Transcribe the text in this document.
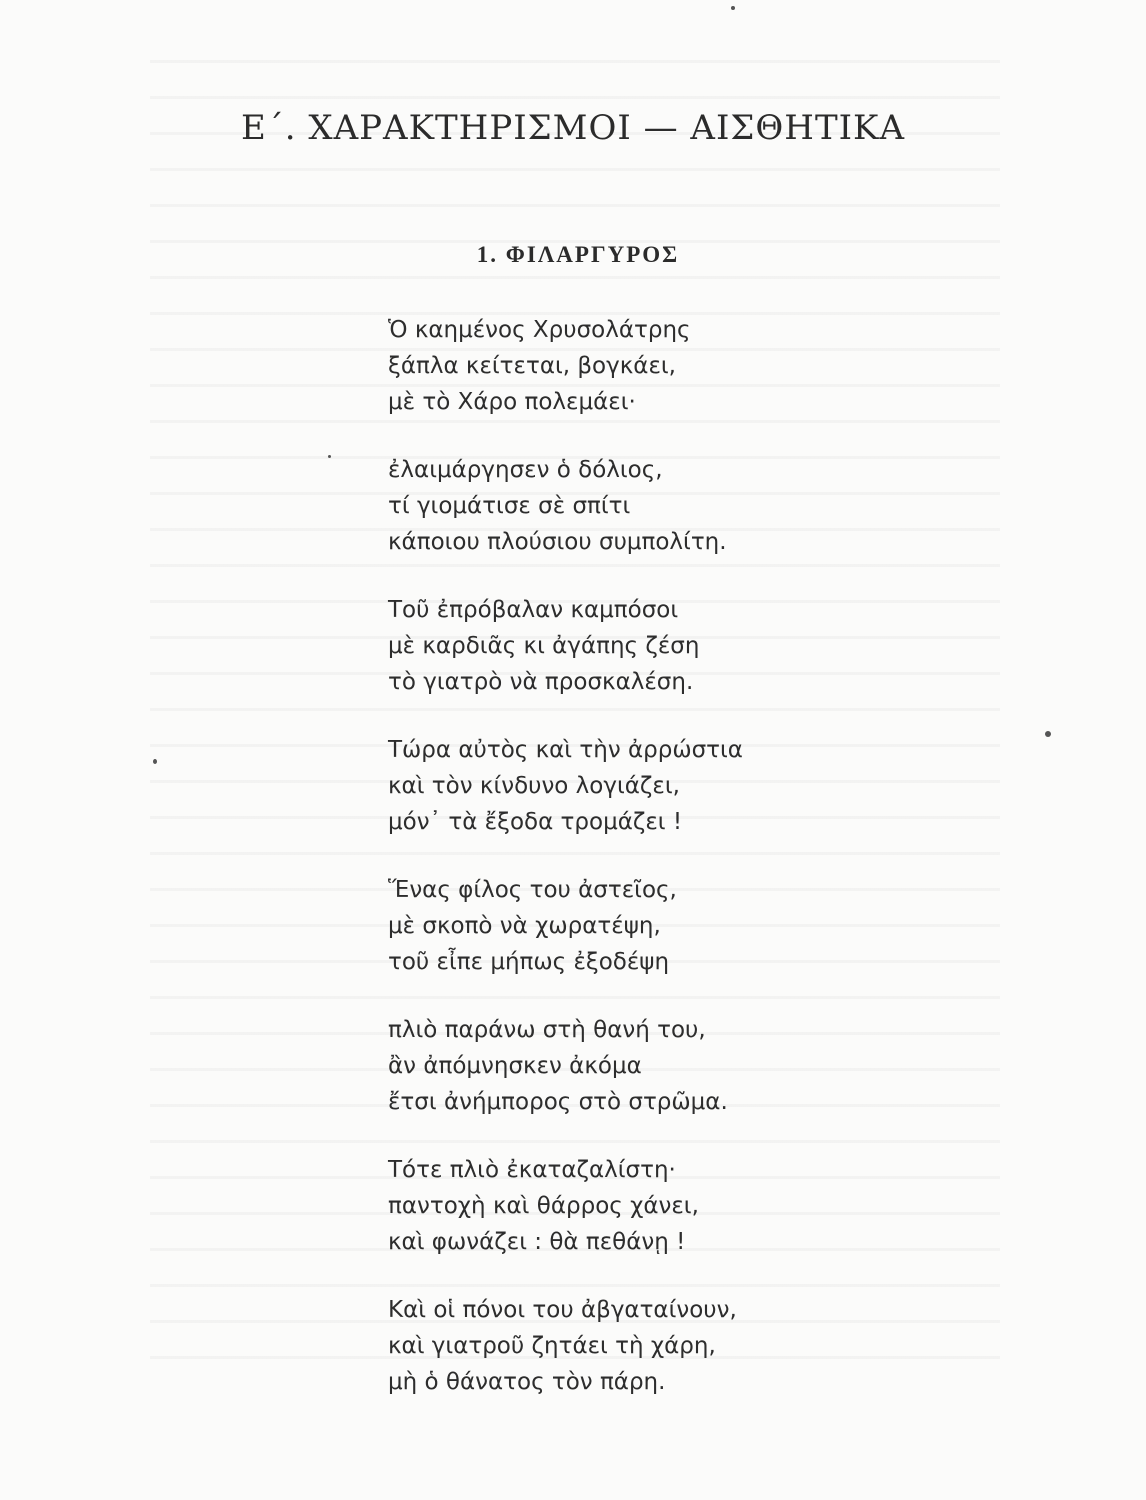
Ε΄. ΧΑΡΑΚΤΗΡΙΣΜΟΙ — ΑΙΣΘΗΤΙΚΑ
1. ΦΙΛΑΡΓΥΡΟΣ
Ὁ καημένος Χρυσολάτρης
ξάπλα κείτεται, βογκάει,
μὲ τὸ Χάρο πολεμάει·
ἐλαιμάργησεν ὁ δόλιος,
τί γιομάτισε σὲ σπίτι
κάποιου πλούσιου συμπολίτη.
Τοῦ ἐπρόβαλαν καμπόσοι
μὲ καρδιᾶς κι ἀγάπης ζέση
τὸ γιατρὸ νὰ προσκαλέση.
Τώρα αὐτὸς καὶ τὴν ἀρρώστια
καὶ τὸν κίνδυνο λογιάζει,
μόν᾽ τὰ ἔξοδα τρομάζει !
Ἕνας φίλος του ἀστεῖος,
μὲ σκοπὸ νὰ χωρατέψη,
τοῦ εἶπε μήπως ἐξοδέψη
πλιὸ παράνω στὴ θανή του,
ἂν ἀπόμνησκεν ἀκόμα
ἔτσι ἀνήμπορος στὸ στρῶμα.
Τότε πλιὸ ἐκαταζαλίστη·
παντοχὴ καὶ θάρρος χάνει,
καὶ φωνάζει : θὰ πεθάνῃ !
Καὶ οἱ πόνοι του ἀβγαταίνουν,
καὶ γιατροῦ ζητάει τὴ χάρη,
μὴ ὁ θάνατος τὸν πάρη.
